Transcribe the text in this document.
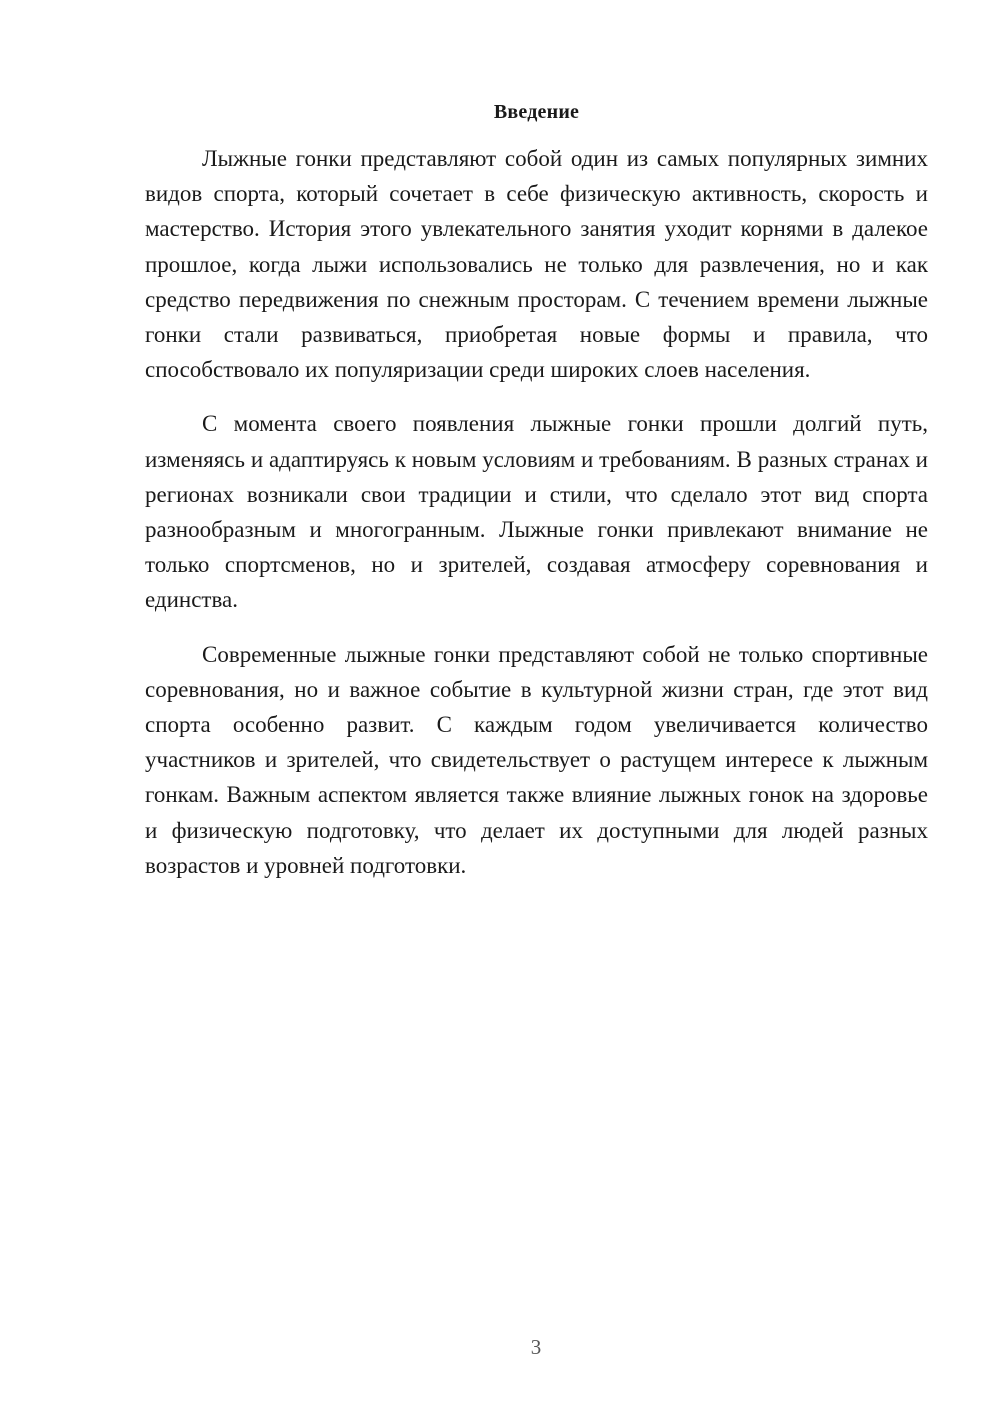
Введение

Лыжные гонки представляют собой один из самых популярных зимних видов спорта, который сочетает в себе физическую активность, скорость и мастерство. История этого увлекательного занятия уходит корнями в далекое прошлое, когда лыжи использовались не только для развлечения, но и как средство передвижения по снежным просторам. С течением времени лыжные гонки стали развиваться, приобретая новые формы и правила, что способствовало их популяризации среди широких слоев населения.

С момента своего появления лыжные гонки прошли долгий путь, изменяясь и адаптируясь к новым условиям и требованиям. В разных странах и регионах возникали свои традиции и стили, что сделало этот вид спорта разнообразным и многогранным. Лыжные гонки привлекают внимание не только спортсменов, но и зрителей, создавая атмосферу соревнования и единства.

Современные лыжные гонки представляют собой не только спортивные соревнования, но и важное событие в культурной жизни стран, где этот вид спорта особенно развит. С каждым годом увеличивается количество участников и зрителей, что свидетельствует о растущем интересе к лыжным гонкам. Важным аспектом является также влияние лыжных гонок на здоровье и физическую подготовку, что делает их доступными для людей разных возрастов и уровней подготовки.

3
